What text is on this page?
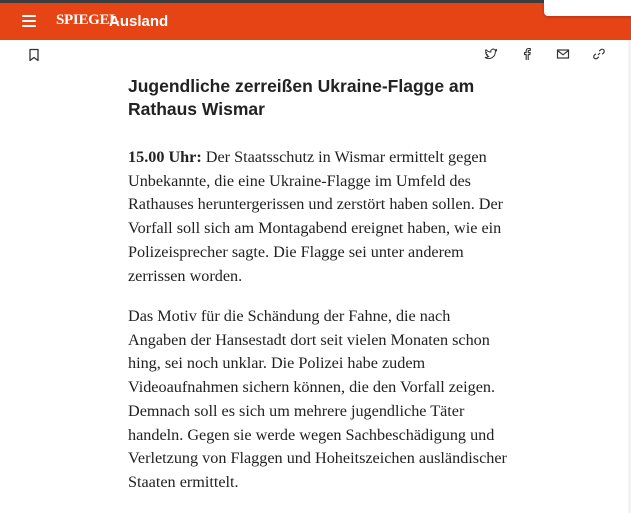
SPIEGEL
Ausland
Jugendliche zerreißen Ukraine-Flagge am Rathaus Wismar

15.00 Uhr: Der Staatsschutz in Wismar ermittelt gegen Unbekannte, die eine Ukraine-Flagge im Umfeld des Rathauses heruntergerissen und zerstört haben sollen. Der Vorfall soll sich am Montagabend ereignet haben, wie ein Polizeisprecher sagte. Die Flagge sei unter anderem zerrissen worden.

Das Motiv für die Schändung der Fahne, die nach Angaben der Hansestadt dort seit vielen Monaten schon hing, sei noch unklar. Die Polizei habe zudem Videoaufnahmen sichern können, die den Vorfall zeigen. Demnach soll es sich um mehrere jugendliche Täter handeln. Gegen sie werde wegen Sachbeschädigung und Verletzung von Flaggen und Hoheitszeichen ausländischer Staaten ermittelt.
